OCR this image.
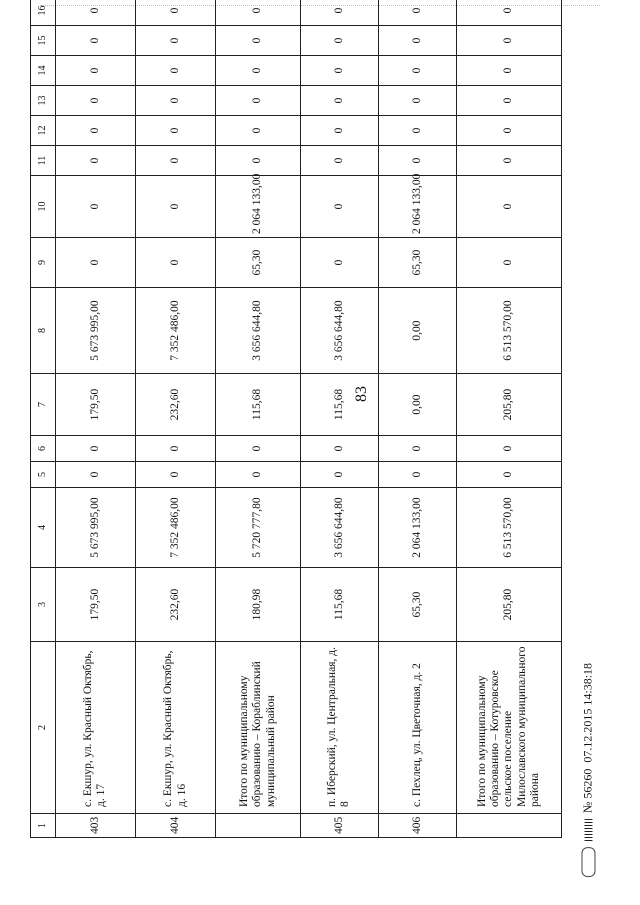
83
1	2	3	4	5	6	7	8	9	10	11	12	13	14	15	16
403	с. Екшур, ул. Красный Октябрь, д. 17	179,50	5 673 995,00	0	0	179,50	5 673 995,00	0	0	0	0	0	0	0	0
404	с. Екшур, ул. Красный Октябрь, д. 16	232,60	7 352 486,00	0	0	232,60	7 352 486,00	0	0	0	0	0	0	0	0
	Итого по муниципальному образованию – Кораблинский муниципальный район	180,98	5 720 777,80	0	0	115,68	3 656 644,80	65,30	2 064 133,00	0	0	0	0	0	0
405	п. Иберский, ул. Центральная, д. 8	115,68	3 656 644,80	0	0	115,68	3 656 644,80	0	0	0	0	0	0	0	0
406	с. Пехлец, ул. Цветочная, д. 2	65,30	2 064 133,00	0	0	0,00	0,00	65,30	2 064 133,00	0	0	0	0	0	0
	Итого по муниципальному образованию – Котуровское сельское поселение Милославского муниципального района	205,80	6 513 570,00	0	0	205,80	6 513 570,00	0	0	0	0	0	0	0	0
№ 56260
07.12.2015 14:38:18
